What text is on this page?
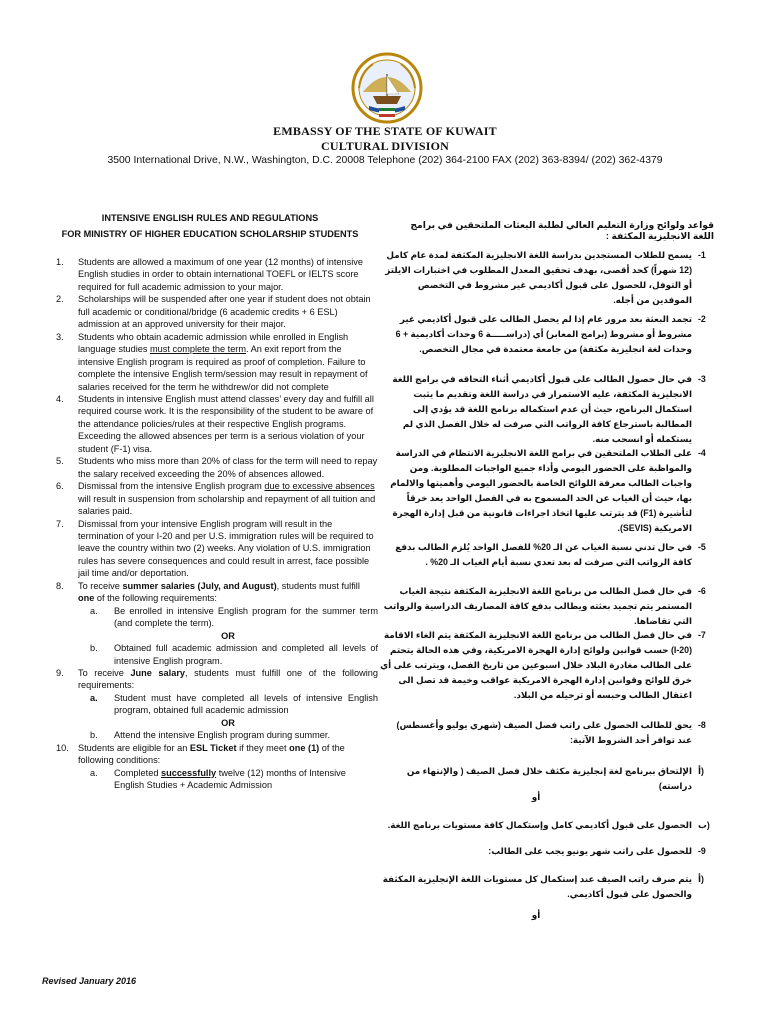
EMBASSY OF THE STATE OF KUWAIT
CULTURAL DIVISION
3500 International Drive, N.W., Washington, D.C. 20008 Telephone (202) 364-2100 FAX (202) 363-8394/ (202) 362-4379
INTENSIVE ENGLISH RULES AND REGULATIONS
FOR MINISTRY OF HIGHER EDUCATION SCHOLARSHIP STUDENTS
1.	Students are allowed a maximum of one year (12 months) of intensive English studies in order to obtain international TOEFL or IELTS score required for full academic admission to your major.
2.	Scholarships will be suspended after one year if student does not obtain full academic or conditional/bridge (6 academic credits + 6 ESL) admission at an approved university for their major.
3.	Students who obtain academic admission while enrolled in English language studies must complete the term. An exit report from the intensive English program is required as proof of completion. Failure to complete the intensive English term/session may result in repayment of salaries received for the term he withdrew/or did not complete
4.	Students in intensive English must attend classes’ every day and fulfill all required course work. It is the responsibility of the student to be aware of the attendance policies/rules at their respective English programs. Exceeding the allowed absences per term is a serious violation of your student (F-1) visa.
5.	Students who miss more than 20% of class for the term will need to repay the salary received exceeding the 20% of absences allowed.
6.	Dismissal from the intensive English program due to excessive absences will result in suspension from scholarship and repayment of all tuition and salaries paid.
7.	Dismissal from your intensive English program will result in the termination of your I-20 and per U.S. immigration rules will be required to leave the country within two (2) weeks. Any violation of U.S. immigration rules has severe consequences and could result in arrest, face possible jail time and/or deportation.
8.	To receive summer salaries (July, and August), students must fulfill one of the following requirements:
a. Be enrolled in intensive English program for the summer term (and complete the term).
OR
b. Obtained full academic admission and completed all levels of intensive English program.
9.	To receive June salary, students must fulfill one of the following requirements:
a. Student must have completed all levels of intensive English program, obtained full academic admission
OR
b. Attend the intensive English program during summer.
10.	Students are eligible for an ESL Ticket if they meet one (1) of the following conditions:
a. Completed successfully twelve (12) months of Intensive English Studies + Academic Admission
قواعد ولوائح وزارة التعليم العالي لطلبة البعثات الملتحقين في برامج اللغة الانجليزية المكثفة :
-1
يسمح للطلاب المستجدين بدراسة اللغة الانجليزية المكثفة لمدة عام كامل (12 شهراً) كحد أقصى، بهدف تحقيق المعدل المطلوب في اختبارات الايلتز أو التوفل، للحصول على قبول أكاديمي غير مشروط في التخصص الموفدين من أجله.
-2
تجمد البعثة بعد مرور عام إذا لم يحصل الطالب على قبول أكاديمي غير مشروط أو مشروط (برامج المعابر) أي (دراســـــة 6 وحدات أكاديمية + 6 وحدات لغة انجليزية مكثفة) من جامعة معتمدة في مجال التخصص.
-3
في حال حصول الطالب على قبول أكاديمي أثناء التحاقه في برامج اللغة الانجليزية المكثفة، عليه الاستمرار في دراسة اللغة وتقديم ما يثبت استكمال البرنامج، حيث أن عدم استكماله برنامج اللغة قد يؤدي إلى المطالبة باسترجاع كافة الرواتب التي صرفت له خلال الفصل الذي لم يستكمله أو انسحب منه.
-4
على الطلاب الملتحقين في برامج اللغة الانجليزية الانتظام في الدراسة والمواظبة على الحضور اليومي وأداء جميع الواجبات المطلوبة. ومن واجبات الطالب معرفة اللوائح الخاصة بالحضور اليومي وأهميتها والالمام بها، حيث أن الغياب عن الحد المسموح به في الفصل الواحد يعد خرقاً لتأشيرة (F1) قد يترتب عليها اتخاذ اجراءات قانونية من قبل إدارة الهجرة الامريكية (SEVIS).
-5
في حال تدني نسبة الغياب عن الـ 20% للفصل الواحد يُلزم الطالب بدفع كافة الرواتب التي صرفت له بعد تعدي نسبة أيام الغياب الـ 20% .
-6
في حال فصل الطالب من برنامج اللغة الانجليزية المكثفة نتيجة الغياب المستمر يتم تجميد بعثته ويطالب بدفع كافة المصاريف الدراسية والرواتب التي تقاضاها.
-7
في حال فصل الطالب من برنامج اللغة الانجليزية المكثفة يتم الغاء الاقامة (I-20) حسب قوانين ولوائح إدارة الهجرة الامريكية، وفي هذه الحالة يتحتم على الطالب مغادرة البلاد خلال اسبوعين من تاريخ الفصل، ويترتب على أي خرق للوائح وقوانين إدارة الهجرة الامريكية عواقب وخيمة قد تصل الى اعتقال الطالب وحبسه أو ترحيله من البلاد.
-8
يحق للطالب الحصول على راتب فصل الصيف (شهري يوليو وأغسطس) عند توافر أحد الشروط الآتية:
أ)
الإلتحاق ببرنامج لغة إنجليزية مكثف خلال فصل الصيف ( والإنتهاء من دراسته)
أو
ب)
الحصول على قبول أكاديمي كامل وإستكمال كافة مستويات برنامج اللغة.
-9
للحصول على راتب شهر يونيو يجب على الطالب:
أ)
يتم صرف راتب الصيف عند إستكمال كل مستويات اللغة الإنجليزية المكثفة والحصول على قبول أكاديمي.
أو
Revised January 2016
